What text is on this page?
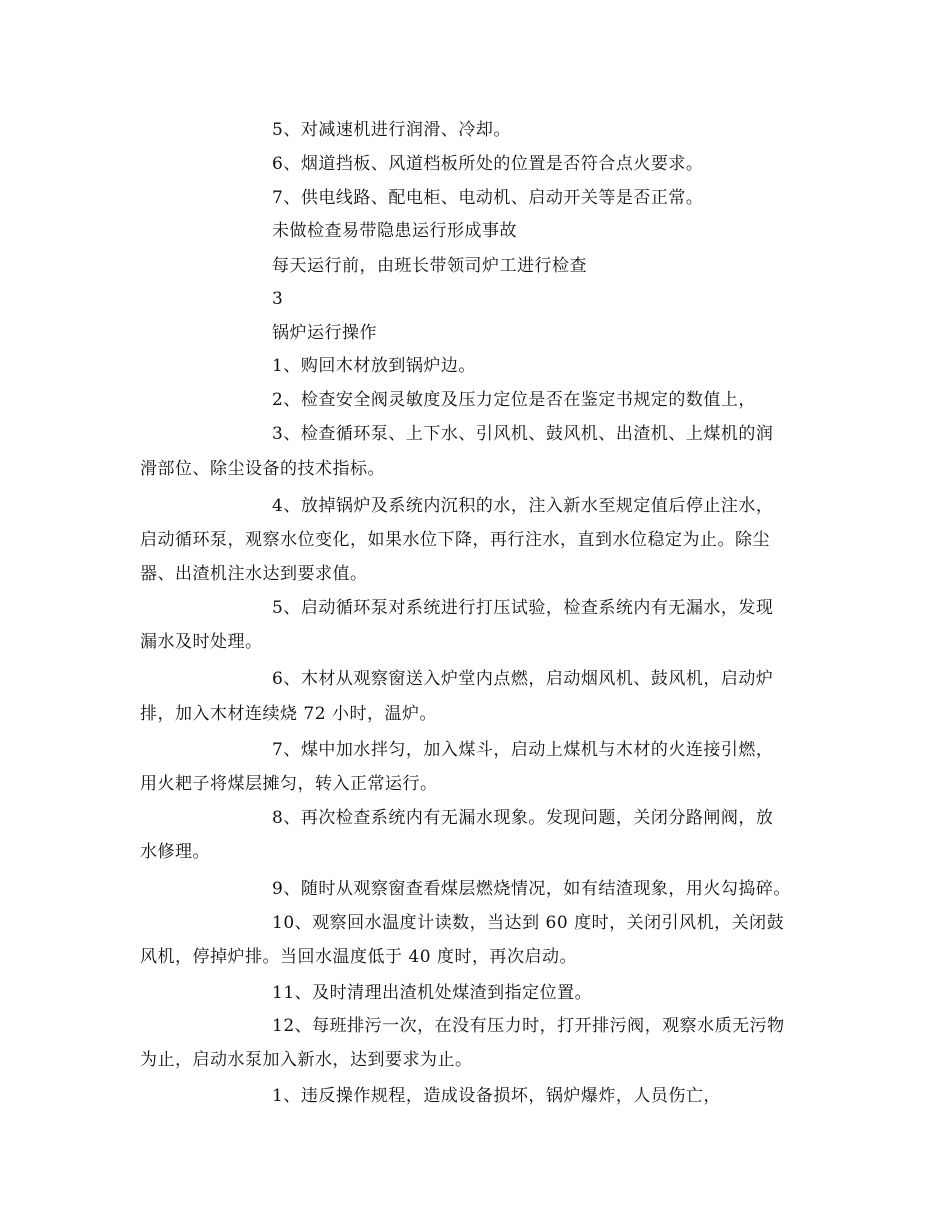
5、对减速机进行润滑、冷却。
6、烟道挡板、风道档板所处的位置是否符合点火要求。
7、供电线路、配电柜、电动机、启动开关等是否正常。
未做检查易带隐患运行形成事故
每天运行前，由班长带领司炉工进行检查
3
锅炉运行操作
1、购回木材放到锅炉边。
2、检查安全阀灵敏度及压力定位是否在鉴定书规定的数值上，
3、检查循环泵、上下水、引风机、鼓风机、出渣机、上煤机的润
滑部位、除尘设备的技术指标。
4、放掉锅炉及系统内沉积的水，注入新水至规定值后停止注水，
启动循环泵，观察水位变化，如果水位下降，再行注水，直到水位稳定为止。除尘
器、出渣机注水达到要求值。
5、启动循环泵对系统进行打压试验，检查系统内有无漏水，发现
漏水及时处理。
6、木材从观察窗送入炉堂内点燃，启动烟风机、鼓风机，启动炉
排，加入木材连续烧 72 小时，温炉。
7、煤中加水拌匀，加入煤斗，启动上煤机与木材的火连接引燃，
用火耙子将煤层摊匀，转入正常运行。
8、再次检查系统内有无漏水现象。发现问题，关闭分路闸阀，放
水修理。
9、随时从观察窗查看煤层燃烧情况，如有结渣现象，用火勾捣碎。
10、观察回水温度计读数，当达到 60 度时，关闭引风机，关闭鼓
风机，停掉炉排。当回水温度低于 40 度时，再次启动。
11、及时清理出渣机处煤渣到指定位置。
12、每班排污一次，在没有压力时，打开排污阀，观察水质无污物
为止，启动水泵加入新水，达到要求为止。
1、违反操作规程，造成设备损坏，锅炉爆炸，人员伤亡，
